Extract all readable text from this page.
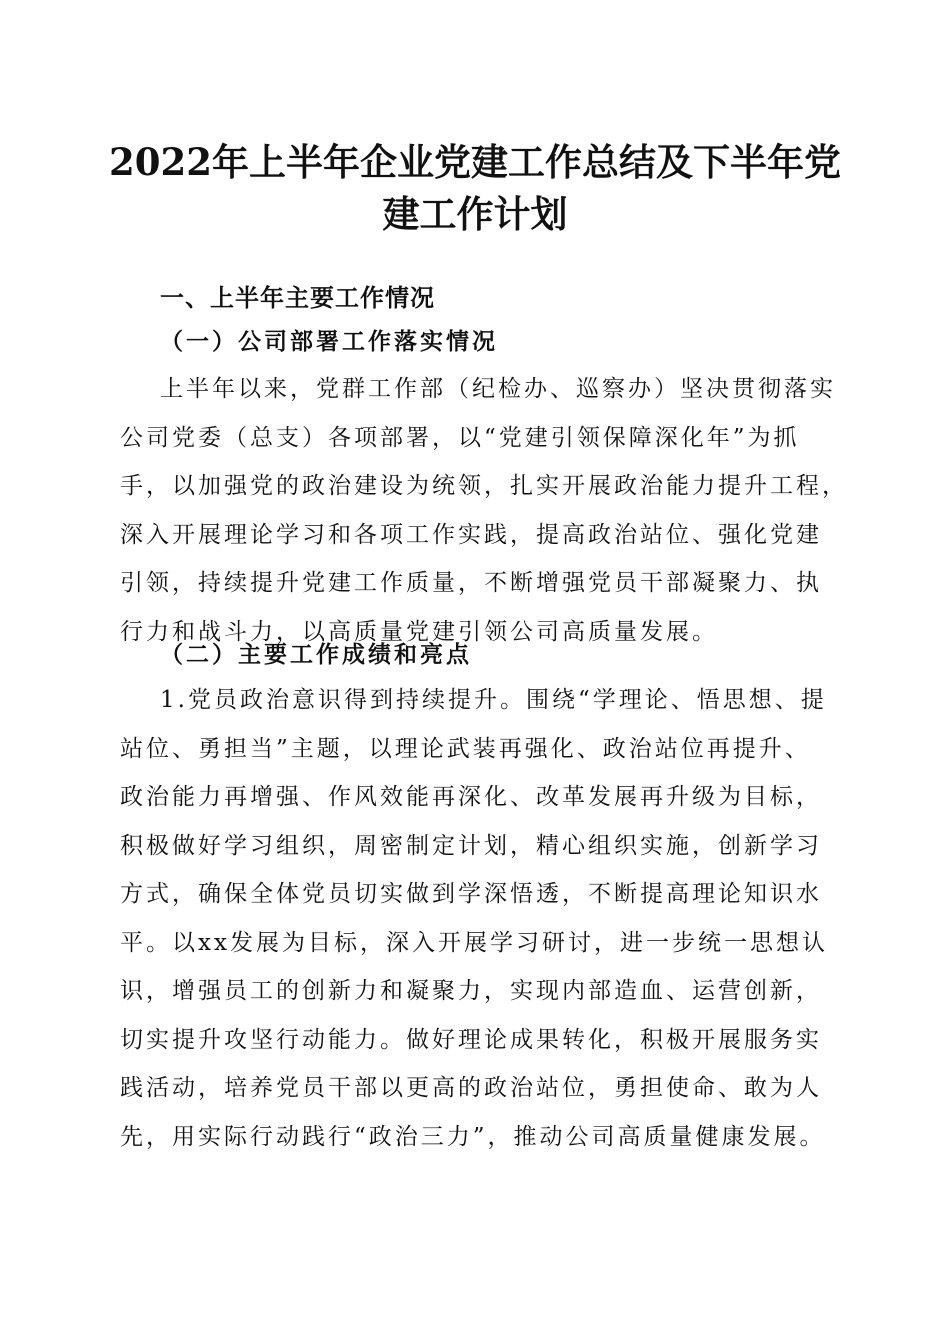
2022年上半年企业党建工作总结及下半年党
建工作计划
一、上半年主要工作情况
（一）公司部署工作落实情况
上半年以来，党群工作部（纪检办、巡察办）坚决贯彻落实
公司党委（总支）各项部署，以“党建引领保障深化年”为抓
手，以加强党的政治建设为统领，扎实开展政治能力提升工程，
深入开展理论学习和各项工作实践，提高政治站位、强化党建
引领，持续提升党建工作质量，不断增强党员干部凝聚力、执
行力和战斗力，以高质量党建引领公司高质量发展。
（二）主要工作成绩和亮点
1.党员政治意识得到持续提升。围绕“学理论、悟思想、提
站位、勇担当”主题，以理论武装再强化、政治站位再提升、
政治能力再增强、作风效能再深化、改革发展再升级为目标，
积极做好学习组织，周密制定计划，精心组织实施，创新学习
方式，确保全体党员切实做到学深悟透，不断提高理论知识水
平。以xx发展为目标，深入开展学习研讨，进一步统一思想认
识，增强员工的创新力和凝聚力，实现内部造血、运营创新，
切实提升攻坚行动能力。做好理论成果转化，积极开展服务实
践活动，培养党员干部以更高的政治站位，勇担使命、敢为人
先，用实际行动践行“政治三力”，推动公司高质量健康发展。
